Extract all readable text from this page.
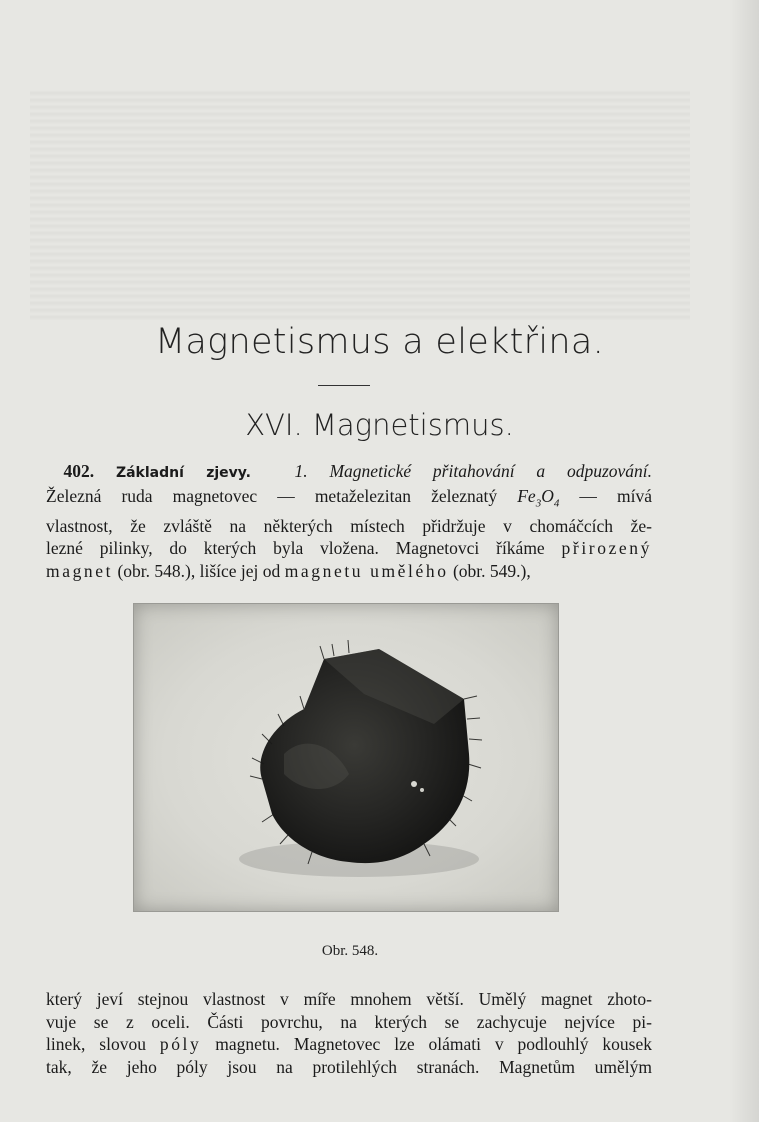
Magnetismus a elektřina.
XVI. Magnetismus.
 402. Základní zjevy. 1. Magnetické přitahování a odpuzování.
Železná ruda magnetovec — metaželezitan železnatý $Fe_3O_4$ — mívá
vlastnost, že zvláště na některých místech přidržuje v chomáčcích že-
lezné pilinky, do kterých byla vložena. Magnetovci říkáme přirozený
magnet (obr. 548.), lišíce jej od magnetu umělého (obr. 549.),
Obr. 548.
který jeví stejnou vlastnost v míře mnohem větší. Umělý magnet zhoto-
vuje se z oceli. Části povrchu, na kterých se zachycuje nejvíce pi-
linek, slovou póly magnetu. Magnetovec lze olámati v podlouhlý kousek
tak, že jeho póly jsou na protilehlých stranách. Magnetům umělým
